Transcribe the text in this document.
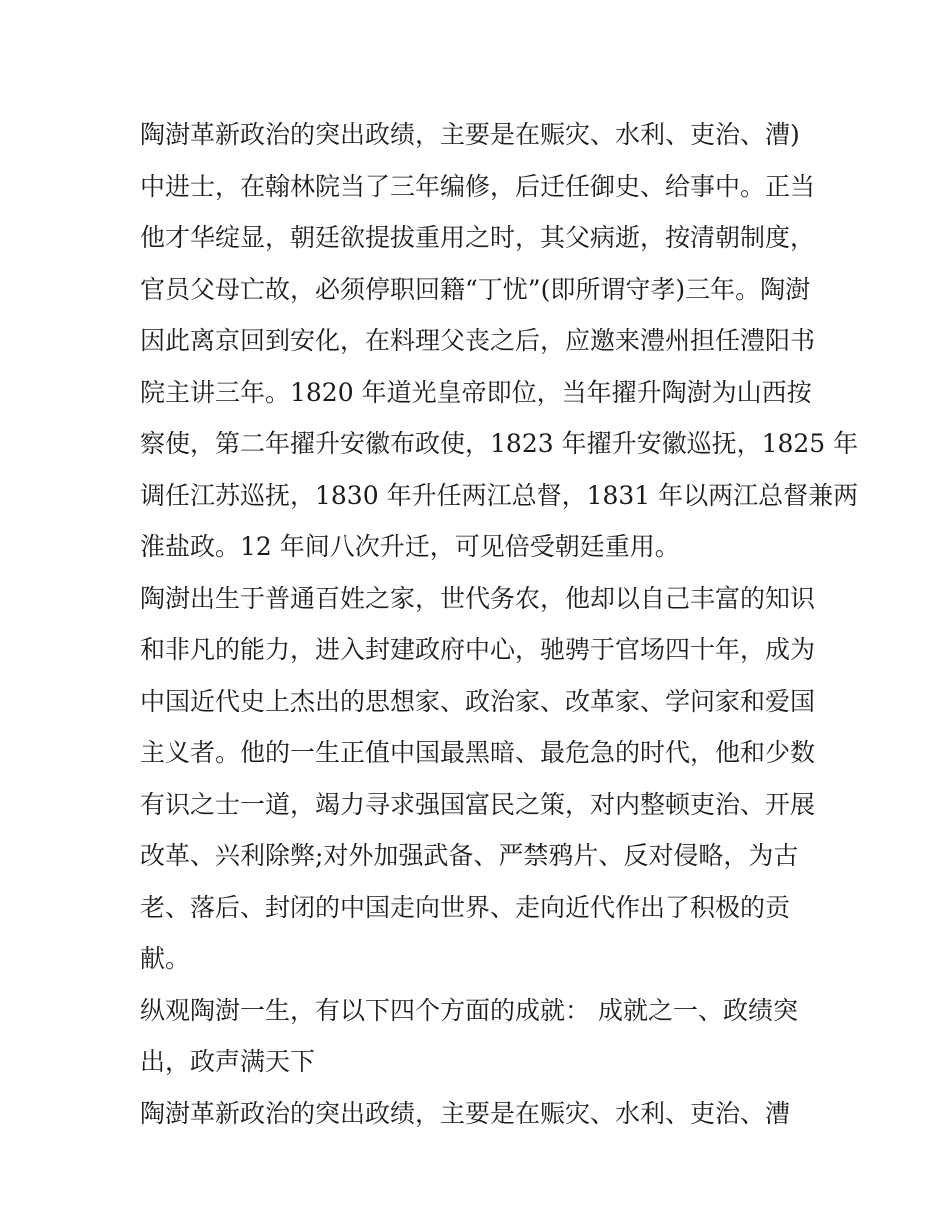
陶澍革新政治的突出政绩，主要是在赈灾、水利、吏治、漕)
中进士，在翰林院当了三年编修，后迁任御史、给事中。正当
他才华绽显，朝廷欲提拔重用之时，其父病逝，按清朝制度，
官员父母亡故，必须停职回籍“丁忧”(即所谓守孝)三年。陶澍
因此离京回到安化，在料理父丧之后，应邀来澧州担任澧阳书
院主讲三年。1820 年道光皇帝即位，当年擢升陶澍为山西按
察使，第二年擢升安徽布政使，1823 年擢升安徽巡抚，1825 年
调任江苏巡抚，1830 年升任两江总督，1831 年以两江总督兼两
淮盐政。12 年间八次升迁，可见倍受朝廷重用。
陶澍出生于普通百姓之家，世代务农，他却以自己丰富的知识
和非凡的能力，进入封建政府中心，驰骋于官场四十年，成为
中国近代史上杰出的思想家、政治家、改革家、学问家和爱国
主义者。他的一生正值中国最黑暗、最危急的时代，他和少数
有识之士一道，竭力寻求强国富民之策，对内整顿吏治、开展
改革、兴利除弊;对外加强武备、严禁鸦片、反对侵略，为古
老、落后、封闭的中国走向世界、走向近代作出了积极的贡
献。
纵观陶澍一生，有以下四个方面的成就： 成就之一、政绩突
出，政声满天下
陶澍革新政治的突出政绩，主要是在赈灾、水利、吏治、漕
